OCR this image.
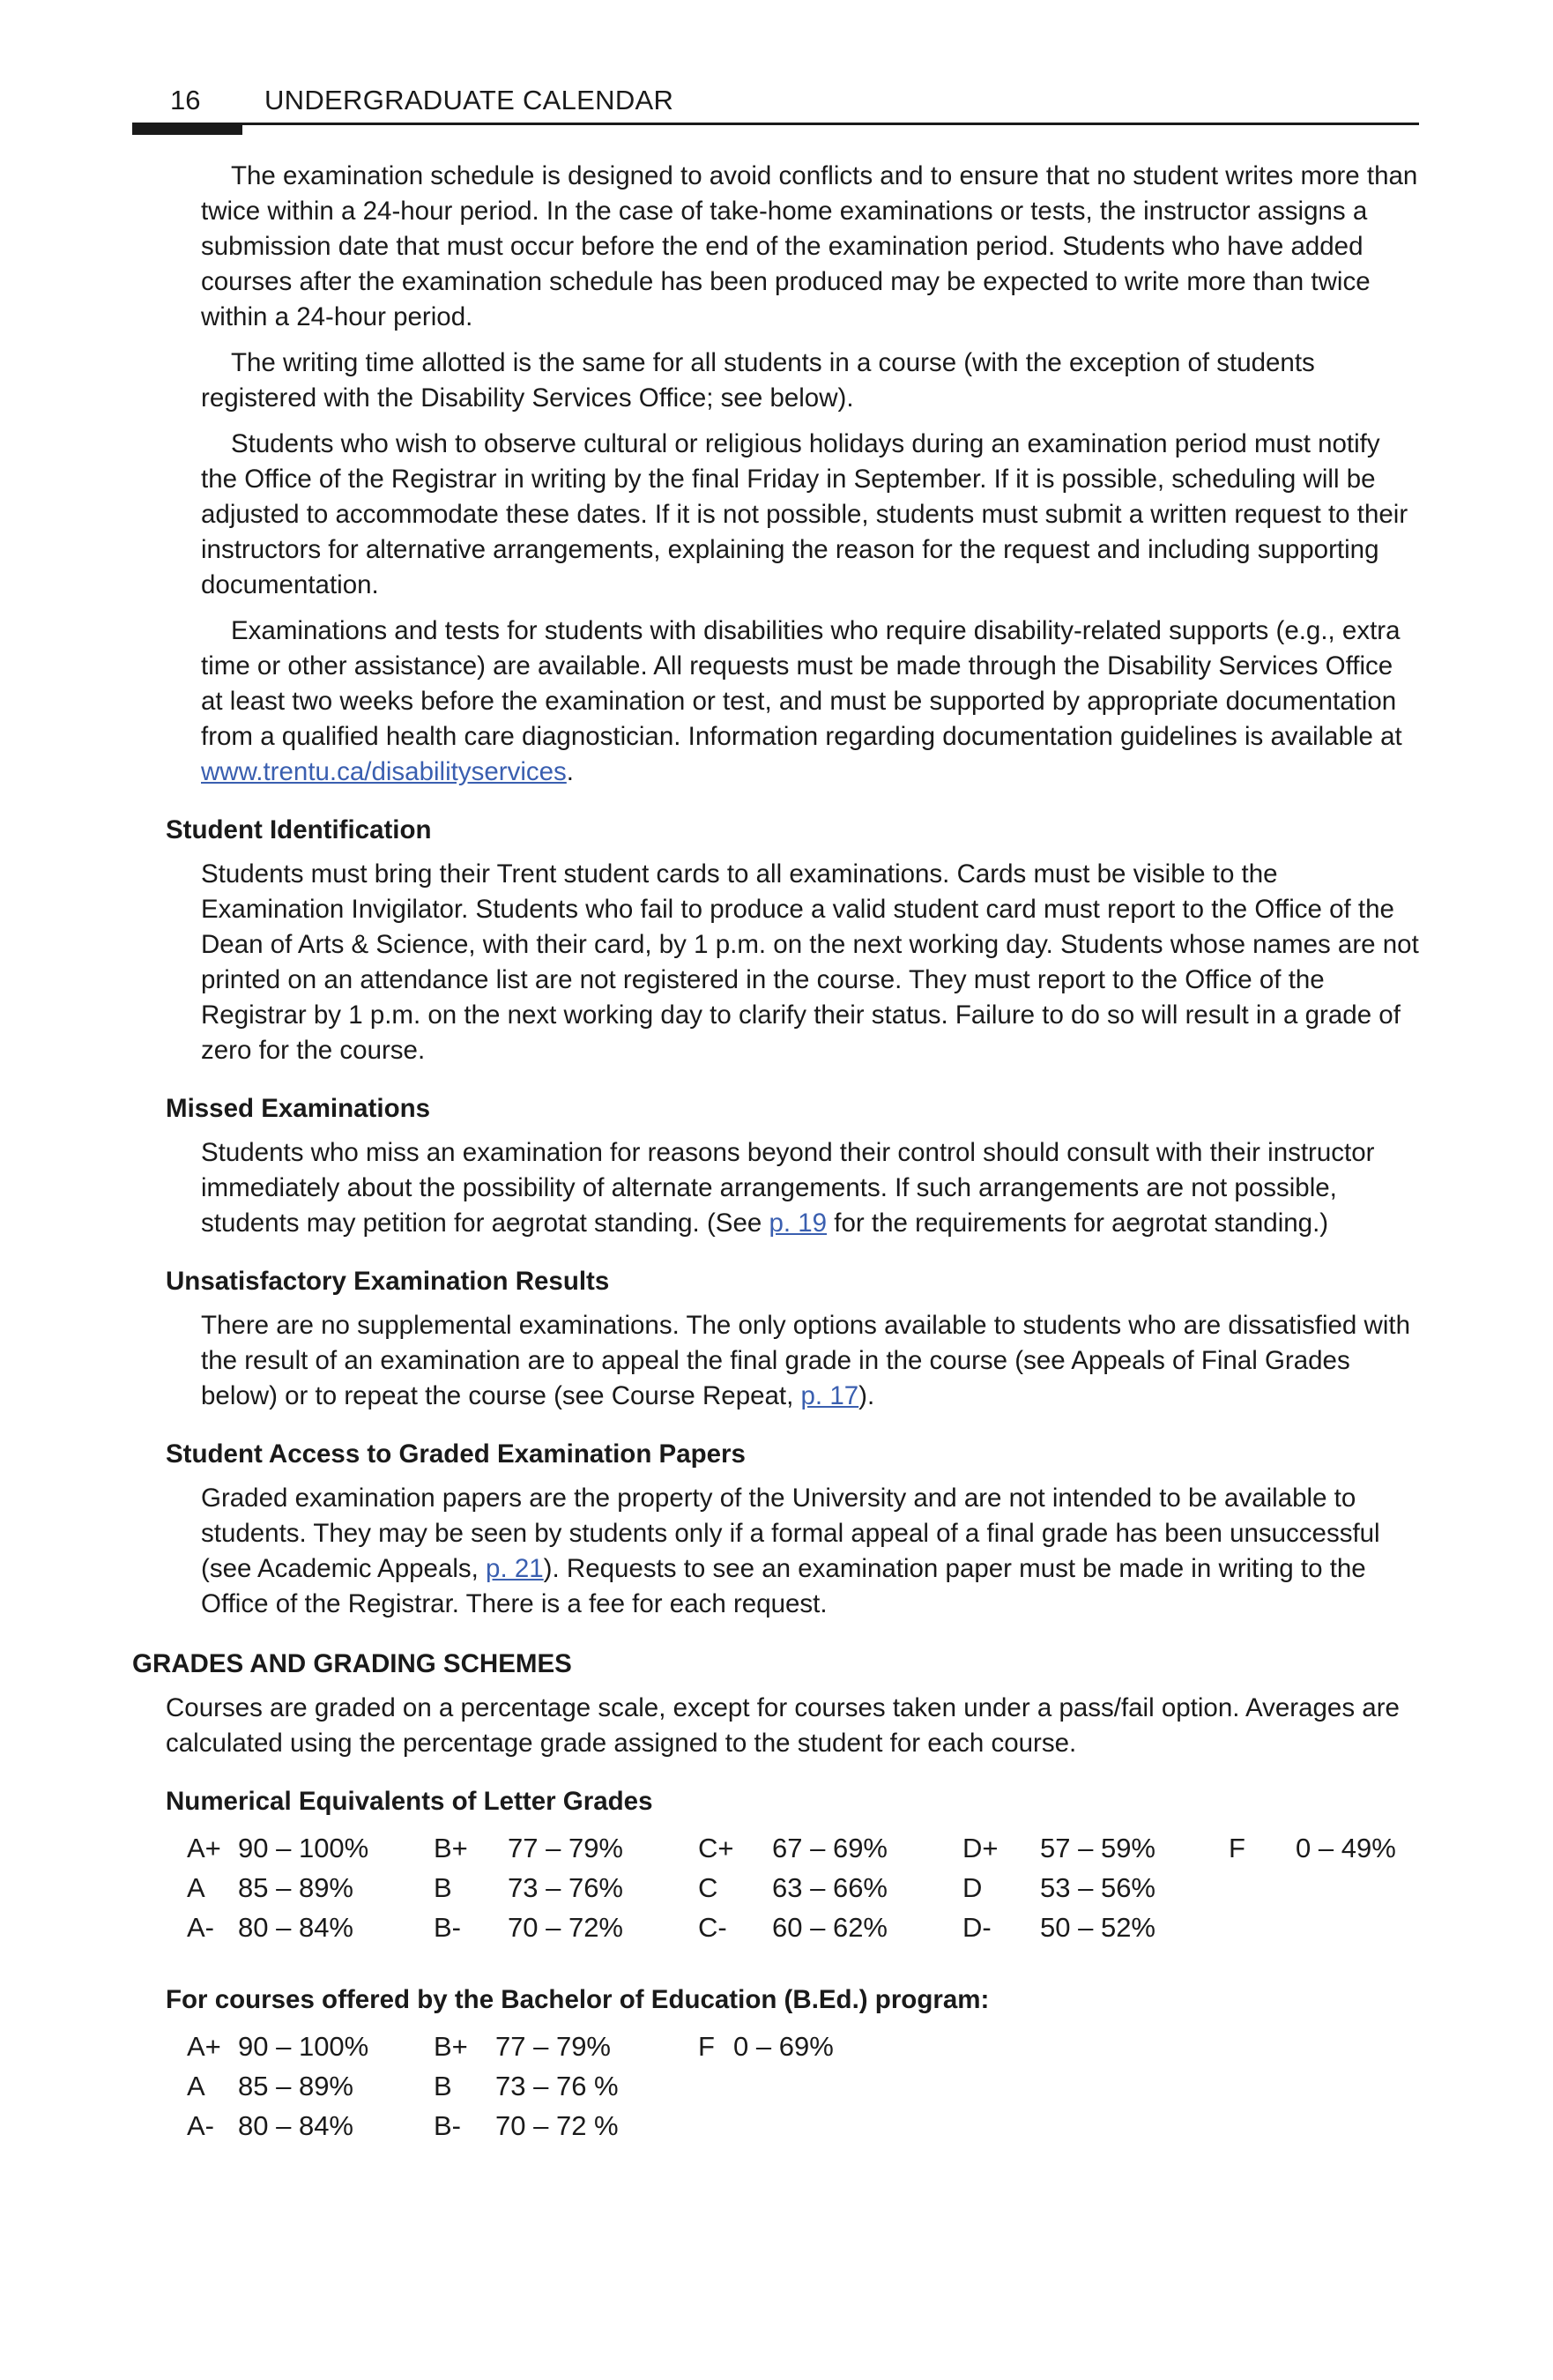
16 UNDERGRADUATE CALENDAR

The examination schedule is designed to avoid conflicts and to ensure that no student writes more than twice within a 24-hour period. In the case of take-home examinations or tests, the instructor assigns a submission date that must occur before the end of the examination period. Students who have added courses after the examination schedule has been produced may be expected to write more than twice within a 24-hour period.

The writing time allotted is the same for all students in a course (with the exception of students registered with the Disability Services Office; see below).

Students who wish to observe cultural or religious holidays during an examination period must notify the Office of the Registrar in writing by the final Friday in September. If it is possible, scheduling will be adjusted to accommodate these dates. If it is not possible, students must submit a written request to their instructors for alternative arrangements, explaining the reason for the request and including supporting documentation.

Examinations and tests for students with disabilities who require disability-related supports (e.g., extra time or other assistance) are available. All requests must be made through the Disability Services Office at least two weeks before the examination or test, and must be supported by appropriate documentation from a qualified health care diagnostician. Information regarding documentation guidelines is available at www.trentu.ca/disabilityservices.

Student Identification

Students must bring their Trent student cards to all examinations. Cards must be visible to the Examination Invigilator. Students who fail to produce a valid student card must report to the Office of the Dean of Arts & Science, with their card, by 1 p.m. on the next working day. Students whose names are not printed on an attendance list are not registered in the course. They must report to the Office of the Registrar by 1 p.m. on the next working day to clarify their status. Failure to do so will result in a grade of zero for the course.

Missed Examinations

Students who miss an examination for reasons beyond their control should consult with their instructor immediately about the possibility of alternate arrangements. If such arrangements are not possible, students may petition for aegrotat standing. (See p. 19 for the requirements for aegrotat standing.)

Unsatisfactory Examination Results

There are no supplemental examinations. The only options available to students who are dissatisfied with the result of an examination are to appeal the final grade in the course (see Appeals of Final Grades below) or to repeat the course (see Course Repeat, p. 17).

Student Access to Graded Examination Papers

Graded examination papers are the property of the University and are not intended to be available to students. They may be seen by students only if a formal appeal of a final grade has been unsuccessful (see Academic Appeals, p. 21). Requests to see an examination paper must be made in writing to the Office of the Registrar. There is a fee for each request.

GRADES AND GRADING SCHEMES

Courses are graded on a percentage scale, except for courses taken under a pass/fail option. Averages are calculated using the percentage grade assigned to the student for each course.

Numerical Equivalents of Letter Grades
A+ 90 – 100% B+ 77 – 79%	C+ 67 – 69%	D+ 57 – 59%	F 0 – 49%
A 85 – 89%	B 73 – 76%	C 63 – 66%	D 53 – 56%
A- 80 – 84%	B- 70 – 72%	C- 60 – 62%	D- 50 – 52%
For courses offered by the Bachelor of Education (B.Ed.) program:
A+ 90 – 100% B+ 77 – 79%	F 0 – 69%
A 85 – 89%	B 73 – 76 %
A- 80 – 84%	B- 70 – 72 %
